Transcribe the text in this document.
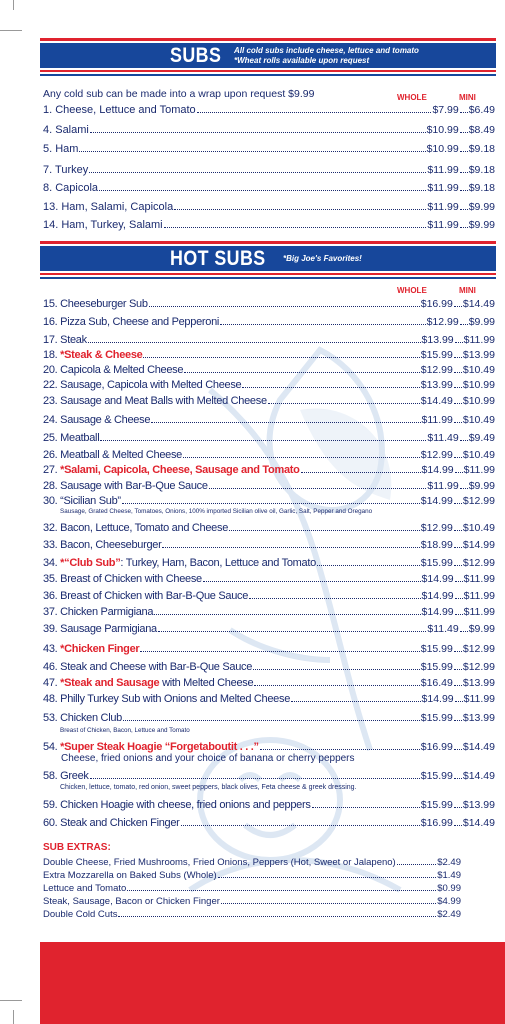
SUBS All cold subs include cheese, lettuce and tomato
*Wheat rolls available upon request
Any cold sub can be made into a wrap upon request $9.99	WHOLE	MINI
1. Cheese, Lettuce and Tomato	$7.99 $6.49
4. Salami	$10.99 $8.49
5. Ham	$10.99 $9.18
7. Turkey	$11.99 $9.18
8. Capicola	$11.99 $9.18
13. Ham, Salami, Capicola	$11.99 $9.99
14. Ham, Turkey, Salami	$11.99 $9.99
HOT SUBS *Big Joe's Favorites!
WHOLE	MINI
15. Cheeseburger Sub	$16.99 $14.49
16. Pizza Sub, Cheese and Pepperoni	$12.99 $9.99
17. Steak	$13.99 $11.99
18. *Steak & Cheese	$15.99 $13.99
20. Capicola & Melted Cheese	$12.99 $10.49
22. Sausage, Capicola with Melted Cheese	$13.99 $10.99
23. Sausage and Meat Balls with Melted Cheese	$14.49 $10.99
24. Sausage & Cheese	$11.99 $10.49
25. Meatball	$11.49 $9.49
26. Meatball & Melted Cheese	$12.99 $10.49
27. *Salami, Capicola, Cheese, Sausage and Tomato	$14.99 $11.99
28. Sausage with Bar-B-Que Sauce	$11.99 $9.99
30. “Sicilian Sub”	$14.99 $12.99
32. Bacon, Lettuce, Tomato and Cheese	$12.99 $10.49
33. Bacon, Cheeseburger	$18.99 $14.99
34. *“Club Sub”: Turkey, Ham, Bacon, Lettuce and Tomato	$15.99 $12.99
35. Breast of Chicken with Cheese	$14.99 $11.99
36. Breast of Chicken with Bar-B-Que Sauce	$14.99 $11.99
37. Chicken Parmigiana	$14.99 $11.99
39. Sausage Parmigiana	$11.49 $9.99
43. *Chicken Finger	$15.99 $12.99
46. Steak and Cheese with Bar-B-Que Sauce	$15.99 $12.99
47. *Steak and Sausage with Melted Cheese	$16.49 $13.99
48. Philly Turkey Sub with Onions and Melted Cheese	$14.99 $11.99
53. Chicken Club	$15.99 $13.99
54. *Super Steak Hoagie “Forgetaboutit . . .”	$16.99 $14.49
58. Greek	$15.99 $14.49
59. Chicken Hoagie with cheese, fried onions and peppers	$15.99 $13.99
60. Steak and Chicken Finger	$16.99 $14.49
Sausage, Grated Cheese, Tomatoes, Onions, 100% imported Sicilian olive oil, Garlic, Salt, Pepper and Oregano
Breast of Chicken, Bacon, Lettuce and Tomato
Cheese, fried onions and your choice of banana or cherry peppers
Chicken, lettuce, tomato, red onion, sweet peppers, black olives, Feta cheese & greek dressing.
SUB EXTRAS:
Double Cheese, Fried Mushrooms, Fried Onions, Peppers (Hot, Sweet or Jalapeno)	$2.49
Extra Mozzarella on Baked Subs (Whole)	$1.49
Lettuce and Tomato	$0.99
Steak, Sausage, Bacon or Chicken Finger	$4.99
Double Cold Cuts	$2.49
